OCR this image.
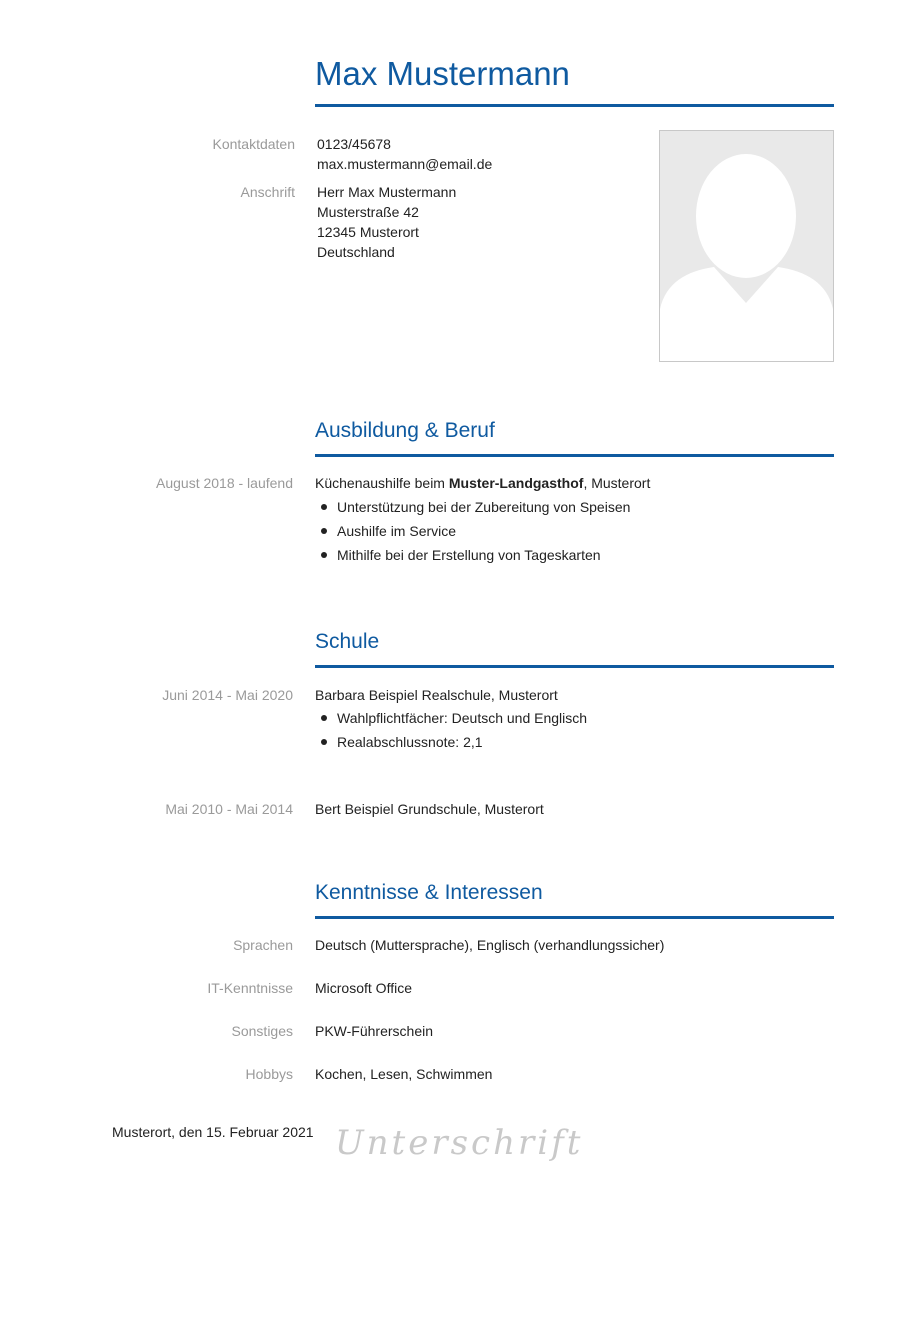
Max Mustermann
Kontaktdaten 0123/45678
max.mustermann@email.de
Anschrift Herr Max Mustermann
Musterstraße 42
12345 Musterort
Deutschland
Ausbildung & Beruf
August 2018 - laufend Küchenaushilfe beim Muster-Landgasthof, Musterort
Unterstützung bei der Zubereitung von Speisen
Aushilfe im Service
Mithilfe bei der Erstellung von Tageskarten
Schule
Juni 2014 - Mai 2020 Barbara Beispiel Realschule, Musterort
Wahlpflichtfächer: Deutsch und Englisch
Realabschlussnote: 2,1
Mai 2010 - Mai 2014 Bert Beispiel Grundschule, Musterort
Kenntnisse & Interessen
Sprachen Deutsch (Muttersprache), Englisch (verhandlungssicher)
IT-Kenntnisse Microsoft Office
Sonstiges PKW-Führerschein
Hobbys Kochen, Lesen, Schwimmen
Musterort, den 15. Februar 2021 Unterschrift
